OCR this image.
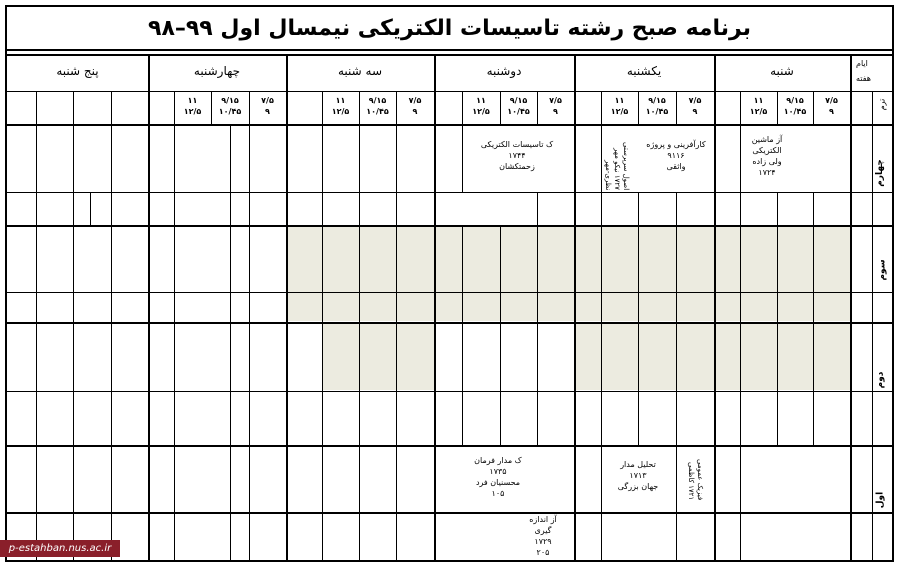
برنامه صبح رشته تاسیسات الکتریکی نیمسال اول ۹۹–۹۸
شنبه
یکشنبه
دوشنبه
سه شنبه
چهارشنبه
پنج شنبه
ایام
هفته
ترم
۷/۵
۹
۹/۱۵
۱۰/۴۵
۱۱
۱۲/۵
۷/۵
۹
۹/۱۵
۱۰/۴۵
۱۱
۱۲/۵
۷/۵
۹
۹/۱۵
۱۰/۴۵
۱۱
۱۲/۵
۷/۵
۹
۹/۱۵
۱۰/۴۵
۱۱
۱۲/۵
۷/۵
۹
۹/۱۵
۱۰/۴۵
۱۱
۱۲/۵
چهارم
سوم
دوم
اول
آز ماشین
الکتریکی
ولی زاده
۱۷۲۴
کارآفرینی و پروژه
۹۱۱۶
واثقی
اصول سرپرستی ۱۷۲۷ نیکو مهر نظری-مهر
ک تاسیسات الکتریکی
۱۷۴۴
زحمتکشان
تحلیل مدار
۱۷۱۳
جهان بزرگی	فیزیک عمومی ۱۷۲۱ کاظمی
ک مدار فرمان
۱۷۳۵
محسنیان فرد
۱۰۵
آز اندازه
گیری
۱۷۲۹
۲۰۵
p-estahban.nus.ac.ir
